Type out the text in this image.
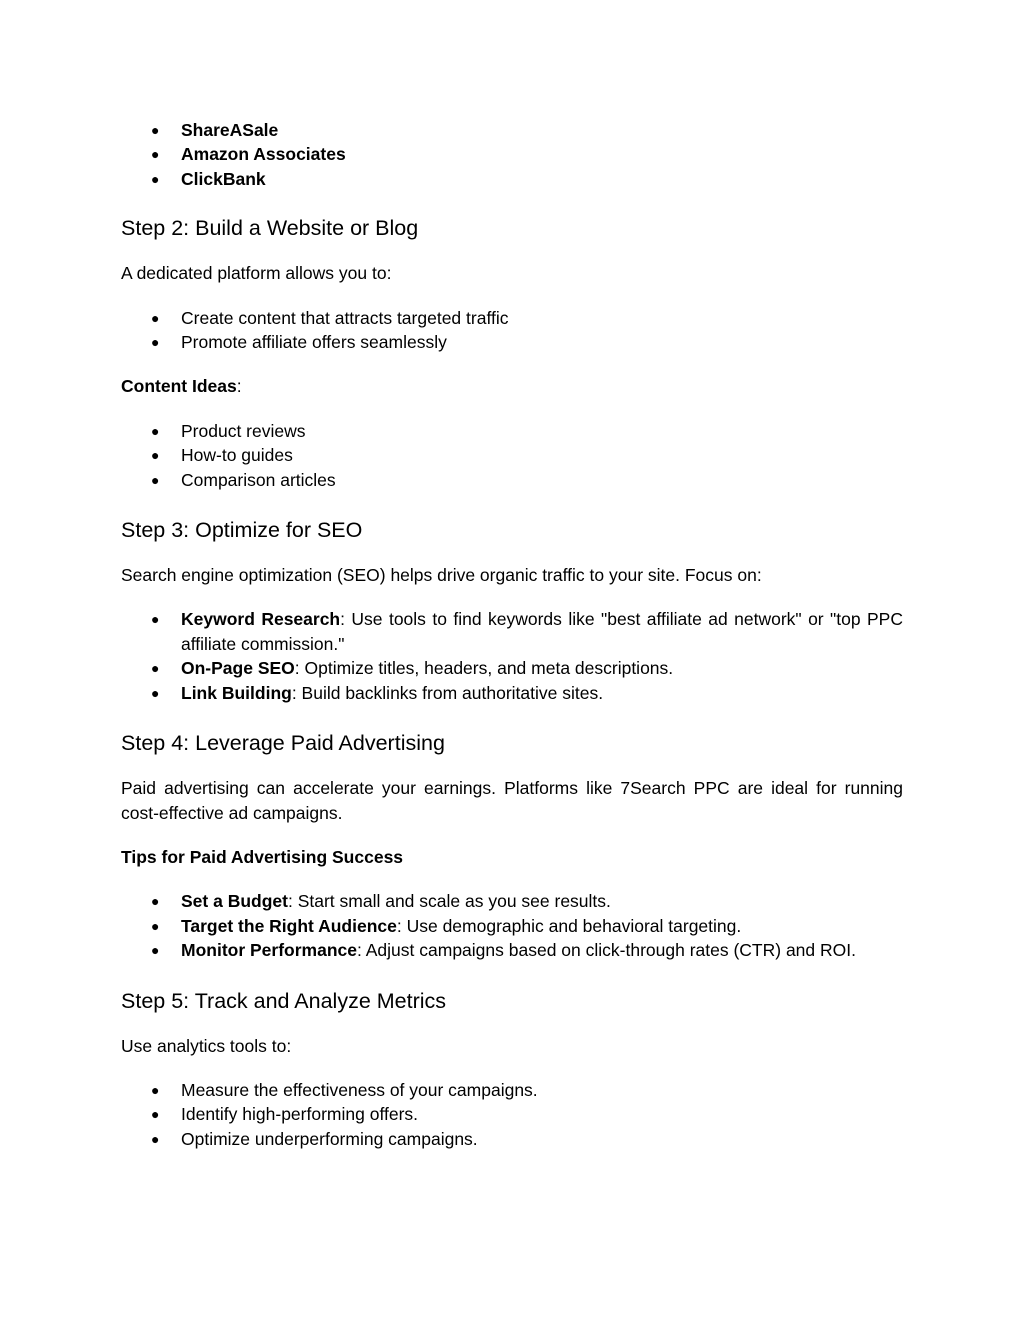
● ShareASale
● Amazon Associates
● ClickBank
Step 2: Build a Website or Blog

A dedicated platform allows you to:

● Create content that attracts targeted traffic
● Promote affiliate offers seamlessly

Content Ideas:

● Product reviews
● How-to guides
● Comparison articles
Step 3: Optimize for SEO

Search engine optimization (SEO) helps drive organic traffic to your site. Focus on:

● Keyword Research: Use tools to find keywords like "best affiliate ad network" or "top PPC affiliate commission."
● On-Page SEO: Optimize titles, headers, and meta descriptions.
● Link Building: Build backlinks from authoritative sites.
Step 4: Leverage Paid Advertising

Paid advertising can accelerate your earnings. Platforms like 7Search PPC are ideal for running cost-effective ad campaigns.

Tips for Paid Advertising Success

● Set a Budget: Start small and scale as you see results.
● Target the Right Audience: Use demographic and behavioral targeting.
● Monitor Performance: Adjust campaigns based on click-through rates (CTR) and ROI.
Step 5: Track and Analyze Metrics

Use analytics tools to:

● Measure the effectiveness of your campaigns.
● Identify high-performing offers.
● Optimize underperforming campaigns.
